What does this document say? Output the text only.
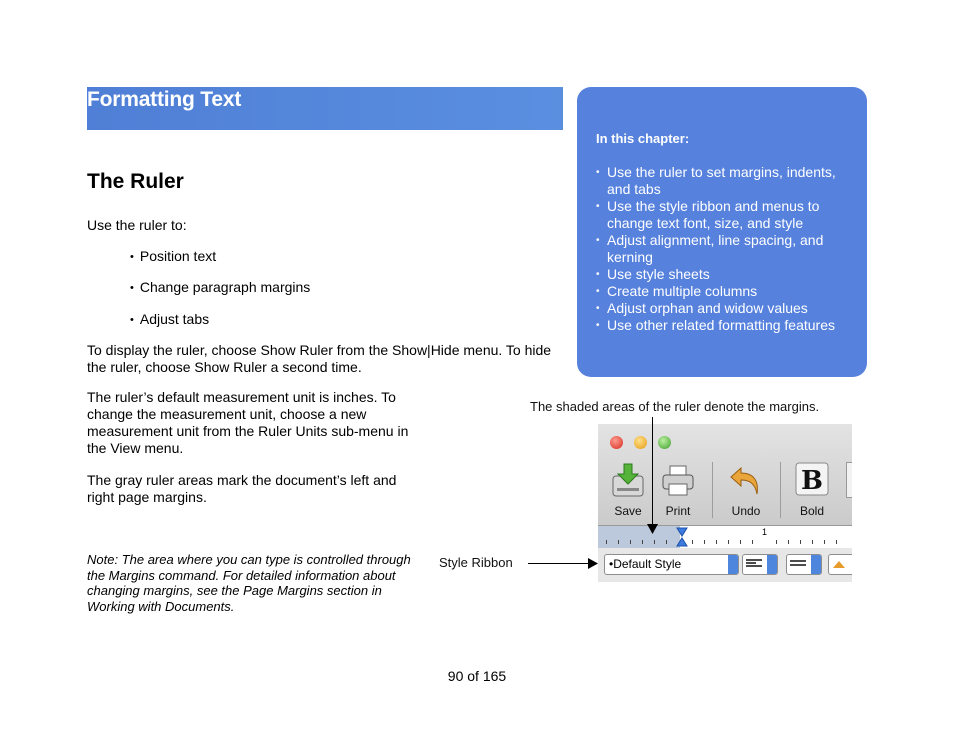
Formatting Text
The Ruler
Use the ruler to:
• Position text
• Change paragraph margins
• Adjust tabs
To display the ruler, choose Show Ruler from the Show|Hide menu. To hide the ruler, choose Show Ruler a second time.
The ruler’s default measurement unit is inches. To change the measurement unit, choose a new measurement unit from the Ruler Units sub-menu in the View menu.
The gray ruler areas mark the document’s left and right page margins.
Note: The area where you can type is controlled through the Margins command. For detailed information about changing margins, see the Page Margins section in Working with Documents.
In this chapter:
• Use the ruler to set margins, indents, and tabs
• Use the style ribbon and menus to change text font, size, and style
• Adjust alignment, line spacing, and kerning
• Use style sheets
• Create multiple columns
• Adjust orphan and widow values
• Use other related formatting features
The shaded areas of the ruler denote the margins.
Style Ribbon
Save	Print	Undo
B
Bold
1
•Default Style
90 of 165
